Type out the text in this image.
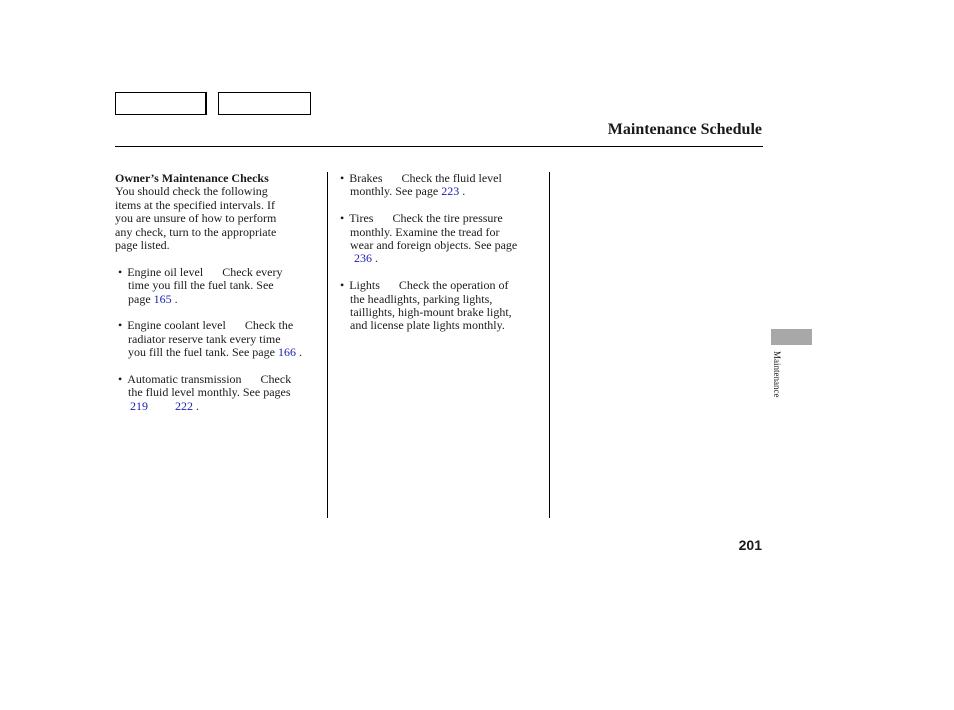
Maintenance Schedule
Owner’s Maintenance Checks
You should check the following
items at the specified intervals. If
you are unsure of how to perform
any check, turn to the appropriate
page listed.
• Engine oil level Check every
time you fill the fuel tank. See
page 165 .
• Engine coolant level Check the
radiator reserve tank every time
you fill the fuel tank. See page 166 .
• Automatic transmission Check
the fluid level monthly. See pages
219 222 .
• Brakes Check the fluid level
monthly. See page 223 .
• Tires Check the tire pressure
monthly. Examine the tread for
wear and foreign objects. See page
236 .
• Lights Check the operation of
the headlights, parking lights,
taillights, high-mount brake light,
and license plate lights monthly.
Maintenance
201
